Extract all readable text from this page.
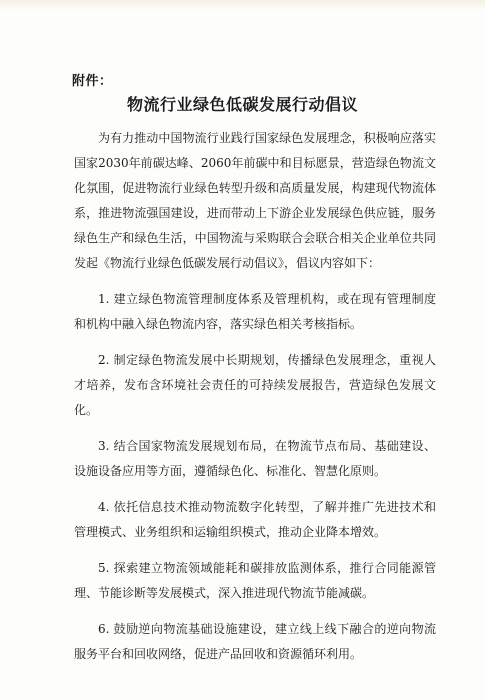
附件：
物流行业绿色低碳发展行动倡议

为有力推动中国物流行业践行国家绿色发展理念，积极响应落实国家2030年前碳达峰、2060年前碳中和目标愿景，营造绿色物流文化氛围，促进物流行业绿色转型升级和高质量发展，构建现代物流体系，推进物流强国建设，进而带动上下游企业发展绿色供应链，服务绿色生产和绿色生活，中国物流与采购联合会联合相关企业单位共同发起《物流行业绿色低碳发展行动倡议》，倡议内容如下：

1. 建立绿色物流管理制度体系及管理机构，或在现有管理制度和机构中融入绿色物流内容，落实绿色相关考核指标。

2. 制定绿色物流发展中长期规划，传播绿色发展理念，重视人才培养，发布含环境社会责任的可持续发展报告，营造绿色发展文化。

3. 结合国家物流发展规划布局，在物流节点布局、基础建设、设施设备应用等方面，遵循绿色化、标准化、智慧化原则。

4. 依托信息技术推动物流数字化转型，了解并推广先进技术和管理模式、业务组织和运输组织模式，推动企业降本增效。

5. 探索建立物流领域能耗和碳排放监测体系，推行合同能源管理、节能诊断等发展模式，深入推进现代物流节能减碳。

6. 鼓励逆向物流基础设施建设，建立线上线下融合的逆向物流服务平台和回收网络，促进产品回收和资源循环利用。
